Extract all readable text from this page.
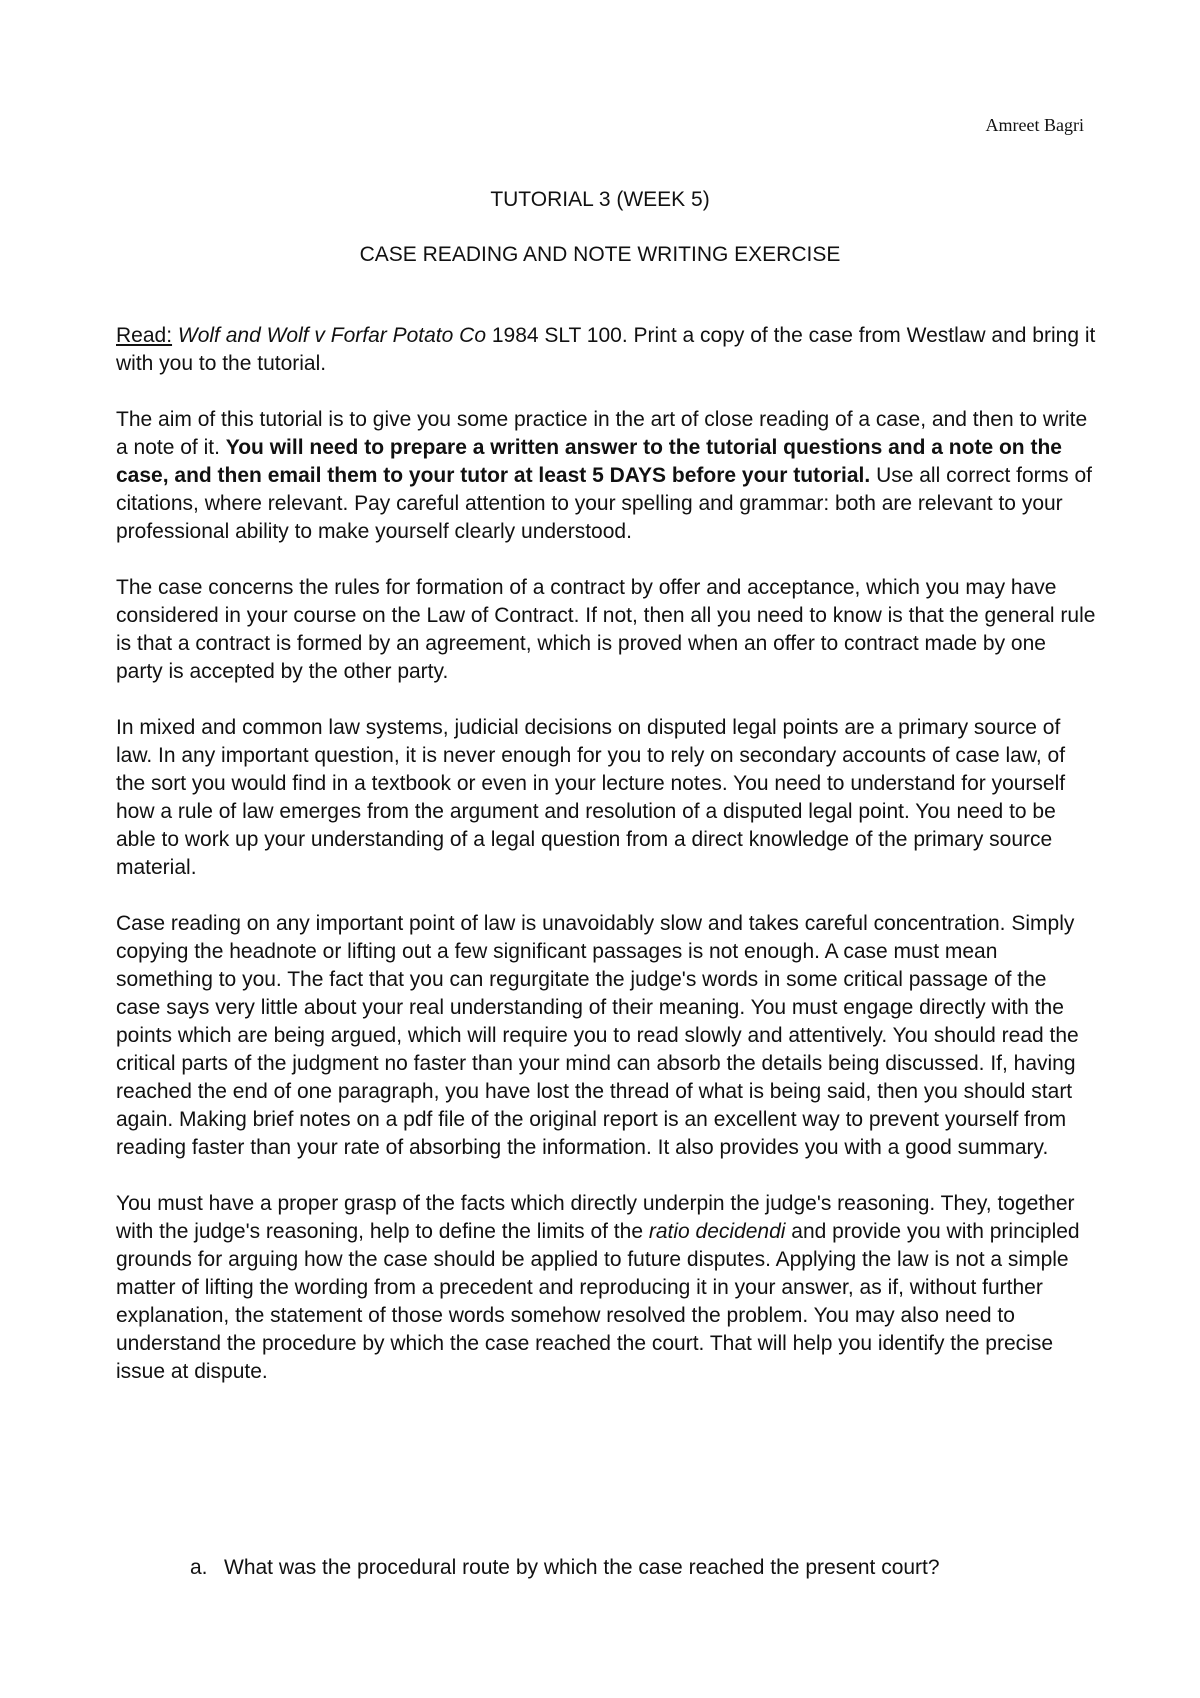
Amreet Bagri

TUTORIAL 3 (WEEK 5)
CASE READING AND NOTE WRITING EXERCISE

Read: Wolf and Wolf v Forfar Potato Co 1984 SLT 100. Print a copy of the case from Westlaw and bring it with you to the tutorial.

The aim of this tutorial is to give you some practice in the art of close reading of a case, and then to write a note of it. You will need to prepare a written answer to the tutorial questions and a note on the case, and then email them to your tutor at least 5 DAYS before your tutorial. Use all correct forms of citations, where relevant. Pay careful attention to your spelling and grammar: both are relevant to your professional ability to make yourself clearly understood.

The case concerns the rules for formation of a contract by offer and acceptance, which you may have considered in your course on the Law of Contract. If not, then all you need to know is that the general rule is that a contract is formed by an agreement, which is proved when an offer to contract made by one party is accepted by the other party.

In mixed and common law systems, judicial decisions on disputed legal points are a primary source of law. In any important question, it is never enough for you to rely on secondary accounts of case law, of the sort you would find in a textbook or even in your lecture notes. You need to understand for yourself how a rule of law emerges from the argument and resolution of a disputed legal point. You need to be able to work up your understanding of a legal question from a direct knowledge of the primary source material.

Case reading on any important point of law is unavoidably slow and takes careful concentration. Simply copying the headnote or lifting out a few significant passages is not enough. A case must mean something to you. The fact that you can regurgitate the judge's words in some critical passage of the case says very little about your real understanding of their meaning. You must engage directly with the points which are being argued, which will require you to read slowly and attentively. You should read the critical parts of the judgment no faster than your mind can absorb the details being discussed. If, having reached the end of one paragraph, you have lost the thread of what is being said, then you should start again. Making brief notes on a pdf file of the original report is an excellent way to prevent yourself from reading faster than your rate of absorbing the information. It also provides you with a good summary.

You must have a proper grasp of the facts which directly underpin the judge's reasoning. They, together with the judge's reasoning, help to define the limits of the ratio decidendi and provide you with principled grounds for arguing how the case should be applied to future disputes. Applying the law is not a simple matter of lifting the wording from a precedent and reproducing it in your answer, as if, without further explanation, the statement of those words somehow resolved the problem. You may also need to understand the procedure by which the case reached the court. That will help you identify the precise issue at dispute.

a. What was the procedural route by which the case reached the present court?
